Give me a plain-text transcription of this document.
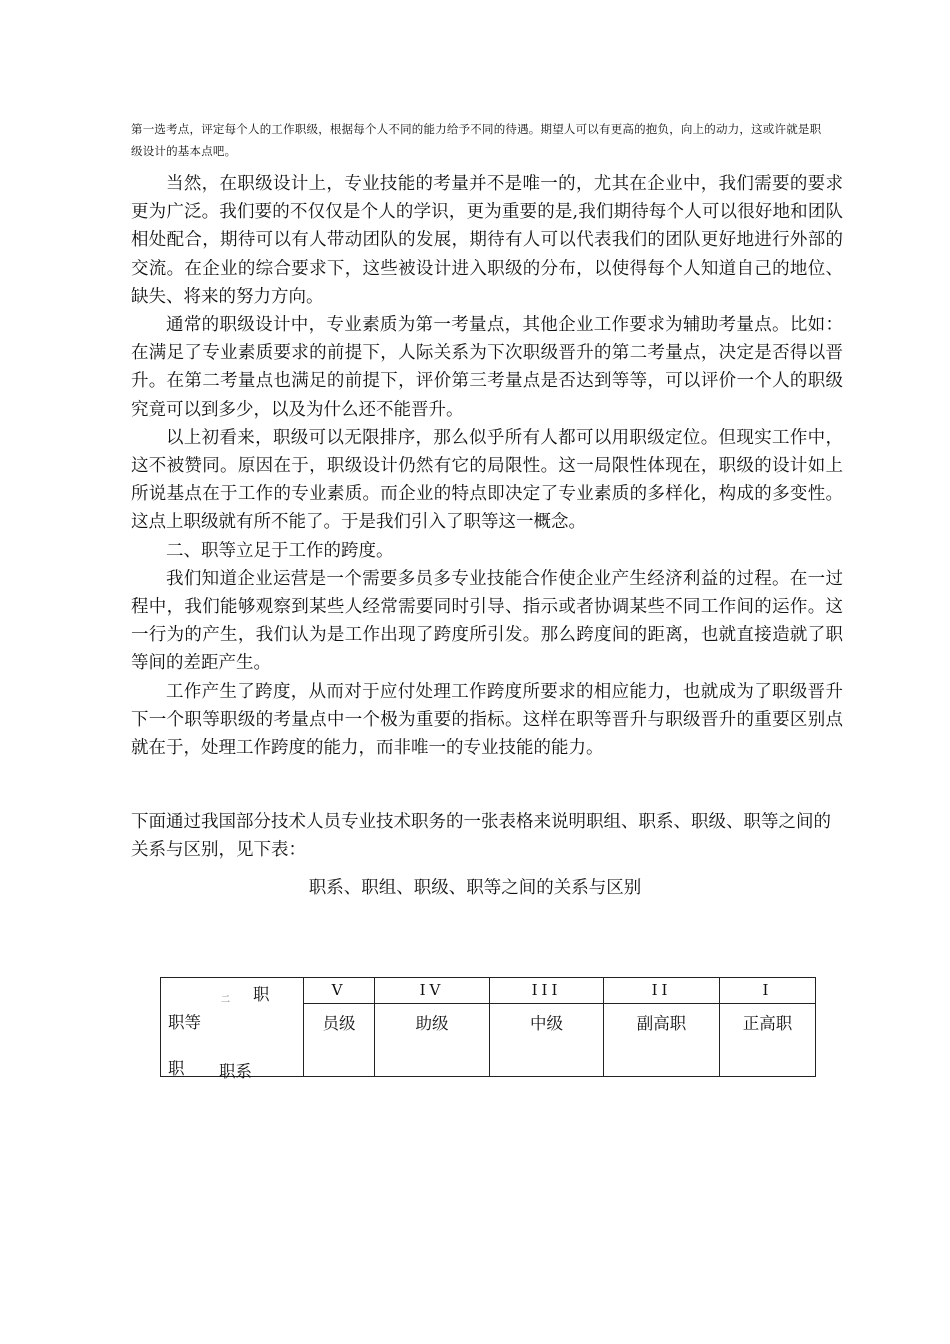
第一选考点，评定每个人的工作职级，根据每个人不同的能力给予不同的待遇。期望人可以有更高的抱负，向上的动力，这或许就是职级设计的基本点吧。

当然，在职级设计上，专业技能的考量并不是唯一的，尤其在企业中，我们需要的要求更为广泛。我们要的不仅仅是个人的学识，更为重要的是,我们期待每个人可以很好地和团队相处配合，期待可以有人带动团队的发展，期待有人可以代表我们的团队更好地进行外部的交流。在企业的综合要求下，这些被设计进入职级的分布，以使得每个人知道自己的地位、缺失、将来的努力方向。

通常的职级设计中，专业素质为第一考量点，其他企业工作要求为辅助考量点。比如：在满足了专业素质要求的前提下，人际关系为下次职级晋升的第二考量点，决定是否得以晋升。在第二考量点也满足的前提下，评价第三考量点是否达到等等，可以评价一个人的职级究竟可以到多少，以及为什么还不能晋升。

以上初看来，职级可以无限排序，那么似乎所有人都可以用职级定位。但现实工作中，这不被赞同。原因在于，职级设计仍然有它的局限性。这一局限性体现在，职级的设计如上所说基点在于工作的专业素质。而企业的特点即决定了专业素质的多样化，构成的多变性。这点上职级就有所不能了。于是我们引入了职等这一概念。

二、职等立足于工作的跨度。

我们知道企业运营是一个需要多员多专业技能合作使企业产生经济利益的过程。在一过程中，我们能够观察到某些人经常需要同时引导、指示或者协调某些不同工作间的运作。这一行为的产生，我们认为是工作出现了跨度所引发。那么跨度间的距离，也就直接造就了职等间的差距产生。

工作产生了跨度，从而对于应付处理工作跨度所要求的相应能力，也就成为了职级晋升下一个职等职级的考量点中一个极为重要的指标。这样在职等晋升与职级晋升的重要区别点就在于，处理工作跨度的能力，而非唯一的专业技能的能力。

下面通过我国部分技术人员专业技术职务的一张表格来说明职组、职系、职级、职等之间的关系与区别，见下表：

职系、职组、职级、职等之间的关系与区别
职
二
职等
职 职系	V	IV	III	II	I
	员级	助级	中级	副高职	正高职
